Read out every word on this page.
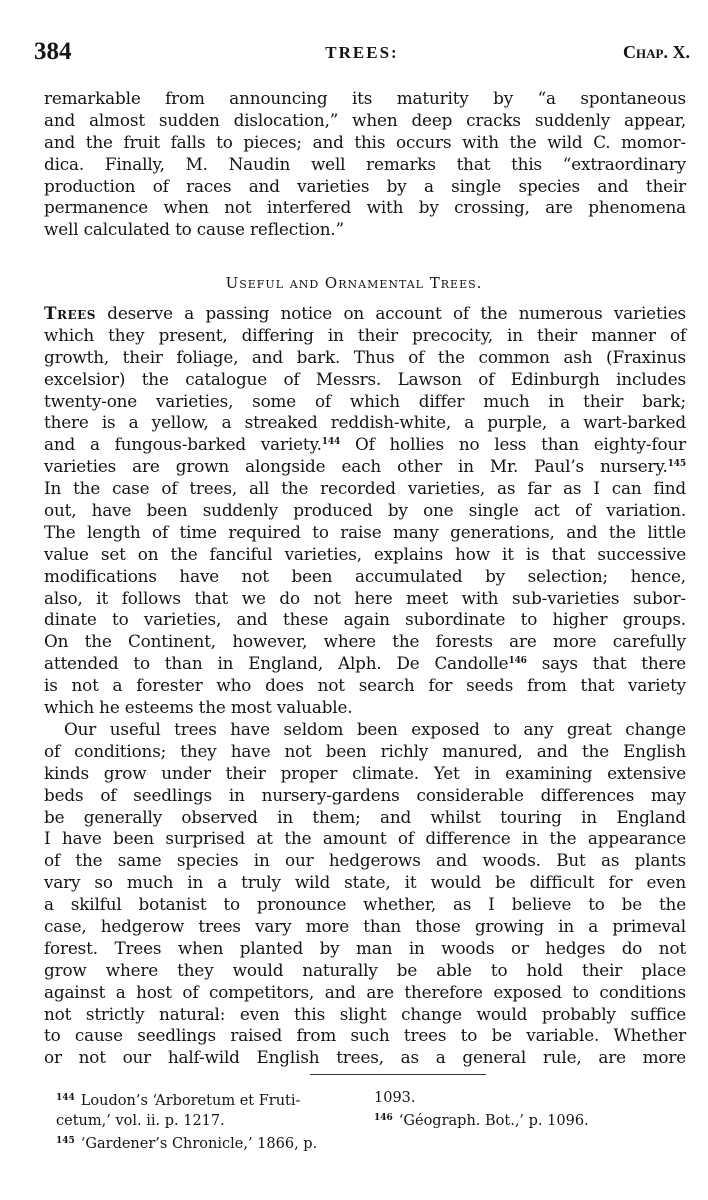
384	TREES:	Chap. X.
remarkable from announcing its maturity by “a spontaneous
and almost sudden dislocation,” when deep cracks suddenly appear,
and the fruit falls to pieces; and this occurs with the wild C. momor-
dica. Finally, M. Naudin well remarks that this “extraordinary
production of races and varieties by a single species and their
permanence when not interfered with by crossing, are phenomena
well calculated to cause reflection.”
Useful and Ornamental Trees.
Trees deserve a passing notice on account of the numerous varieties
which they present, differing in their precocity, in their manner of
growth, their foliage, and bark. Thus of the common ash (Fraxinus
excelsior) the catalogue of Messrs. Lawson of Edinburgh includes
twenty-one varieties, some of which differ much in their bark;
there is a yellow, a streaked reddish-white, a purple, a wart-barked
and a fungous-barked variety.$^{144}$ Of hollies no less than eighty-four
varieties are grown alongside each other in Mr. Paul’s nursery.$^{145}$
In the case of trees, all the recorded varieties, as far as I can find
out, have been suddenly produced by one single act of variation.
The length of time required to raise many generations, and the little
value set on the fanciful varieties, explains how it is that successive
modifications have not been accumulated by selection; hence,
also, it follows that we do not here meet with sub-varieties subor-
dinate to varieties, and these again subordinate to higher groups.
On the Continent, however, where the forests are more carefully
attended to than in England, Alph. De Candolle$^{146}$ says that there
is not a forester who does not search for seeds from that variety
which he esteems the most valuable.
Our useful trees have seldom been exposed to any great change
of conditions; they have not been richly manured, and the English
kinds grow under their proper climate. Yet in examining extensive
beds of seedlings in nursery-gardens considerable differences may
be generally observed in them; and whilst touring in England
I have been surprised at the amount of difference in the appearance
of the same species in our hedgerows and woods. But as plants
vary so much in a truly wild state, it would be difficult for even
a skilful botanist to pronounce whether, as I believe to be the
case, hedgerow trees vary more than those growing in a primeval
forest. Trees when planted by man in woods or hedges do not
grow where they would naturally be able to hold their place
against a host of competitors, and are therefore exposed to conditions
not strictly natural: even this slight change would probably suffice
to cause seedlings raised from such trees to be variable. Whether
or not our half-wild English trees, as a general rule, are more
$^{144}$ Loudon’s ‘Arboretum et Fruti-
cetum,’ vol. ii. p. 1217.
$^{145}$ ‘Gardener’s Chronicle,’ 1866, p.
1093.
$^{146}$ ‘Géograph. Bot.,’ p. 1096.
